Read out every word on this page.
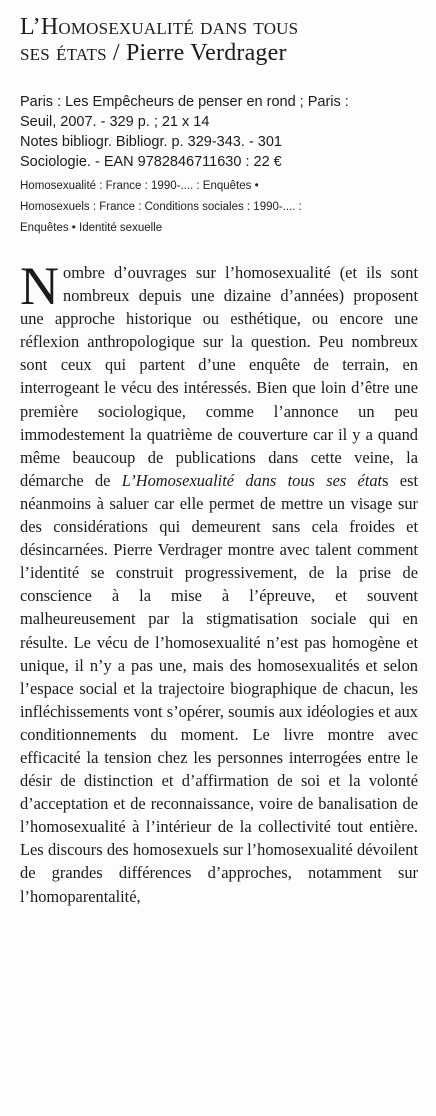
L’Homosexualité dans tous
ses états / Pierre Verdrager
Paris : Les Empêcheurs de penser en rond ; Paris :
Seuil, 2007. - 329 p. ; 21 x 14
Notes bibliogr. Bibliogr. p. 329-343. - 301
Sociologie. - EAN 9782846711630 : 22 €
Homosexualité : France : 1990-.... : Enquêtes •
Homosexuels : France : Conditions sociales : 1990-.... :
Enquêtes • Identité sexuelle

Nombre d’ouvrages sur l’homosexualité (et ils sont nombreux depuis une dizaine d’années) proposent une approche historique ou esthétique, ou encore une réflexion anthropologique sur la question. Peu nombreux sont ceux qui partent d’une enquête de terrain, en interrogeant le vécu des intéressés. Bien que loin d’être une première sociologique, comme l’annonce un peu immodestement la quatrième de couverture car il y a quand même beaucoup de publications dans cette veine, la démarche de L’Homosexualité dans tous ses états est néanmoins à saluer car elle permet de mettre un visage sur des considérations qui demeurent sans cela froides et désincarnées. Pierre Verdrager montre avec talent comment l’identité se construit progressivement, de la prise de conscience à la mise à l’épreuve, et souvent malheureusement par la stigmatisation sociale qui en résulte. Le vécu de l’homosexualité n’est pas homogène et unique, il n’y a pas une, mais des homosexualités et selon l’espace social et la trajectoire biographique de chacun, les infléchissements vont s’opérer, soumis aux idéologies et aux conditionnements du moment. Le livre montre avec efficacité la tension chez les personnes interrogées entre le désir de distinction et d’affirmation de soi et la volonté d’acceptation et de reconnaissance, voire de banalisation de l’homosexualité à l’intérieur de la collectivité tout entière. Les discours des homosexuels sur l’homosexualité dévoilent de grandes différences d’approches, notamment sur l’homoparentalité,
